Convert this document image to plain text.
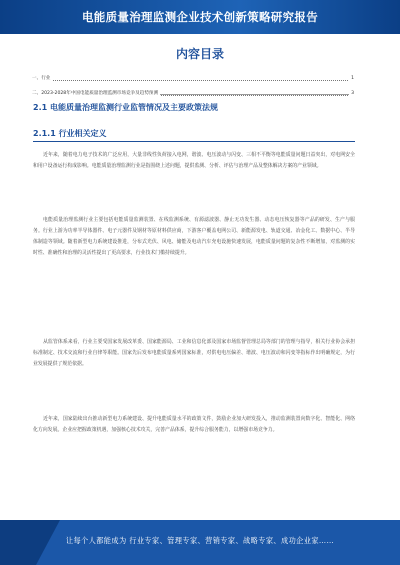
电能质量治理监测企业技术创新策略研究报告
内容目录
一、行业	1
二、2023-2028年中国电能质量治理监测市场竞争及趋势预测	3
2.1 电能质量治理监测行业监管情况及主要政策法规
2.1.1 行业相关定义
近年来，随着电力电子技术的广泛应用，大量非线性负荷接入电网，谐波、电压波动与闪变、三相不平衡等电能质量问题日益突出，对电网安全和用户设备运行构成影响。电能质量治理监测行业是指围绕上述问题，提供监测、分析、评估与治理产品及整体解决方案的产业领域。
电能质量治理监测行业主要包括电能质量监测装置、在线监测系统、有源滤波器、静止无功发生器、动态电压恢复器等产品的研发、生产与服务。行业上游为功率半导体器件、电子元器件及钢材等原材料供应商，下游客户覆盖电网公司、新能源发电、轨道交通、冶金化工、数据中心、半导体制造等领域。随着新型电力系统建设推进，分布式光伏、风电、储能及电动汽车充电设施快速发展，电能质量问题的复杂性不断增加，对监测的实时性、准确性和治理的灵活性提出了更高要求，行业技术门槛持续提升。
从监管体系来看，行业主要受国家发展改革委、国家能源局、工业和信息化部及国家市场监督管理总局等部门的管理与指导，相关行业协会承担标准制定、技术交流和行业自律等职能。国家先后发布电能质量系列国家标准，对供电电压偏差、谐波、电压波动和闪变等指标作出明确规定，为行业发展提供了规范依据。
近年来，国家陆续出台推动新型电力系统建设、提升电能质量水平的政策文件，鼓励企业加大研发投入，推动监测装置向数字化、智能化、网络化方向发展。企业应把握政策机遇，加强核心技术攻关，完善产品体系，提升综合服务能力，以增强市场竞争力。
让每个人都能成为 行业专家、管理专家、营销专家、战略专家、成功企业家……
